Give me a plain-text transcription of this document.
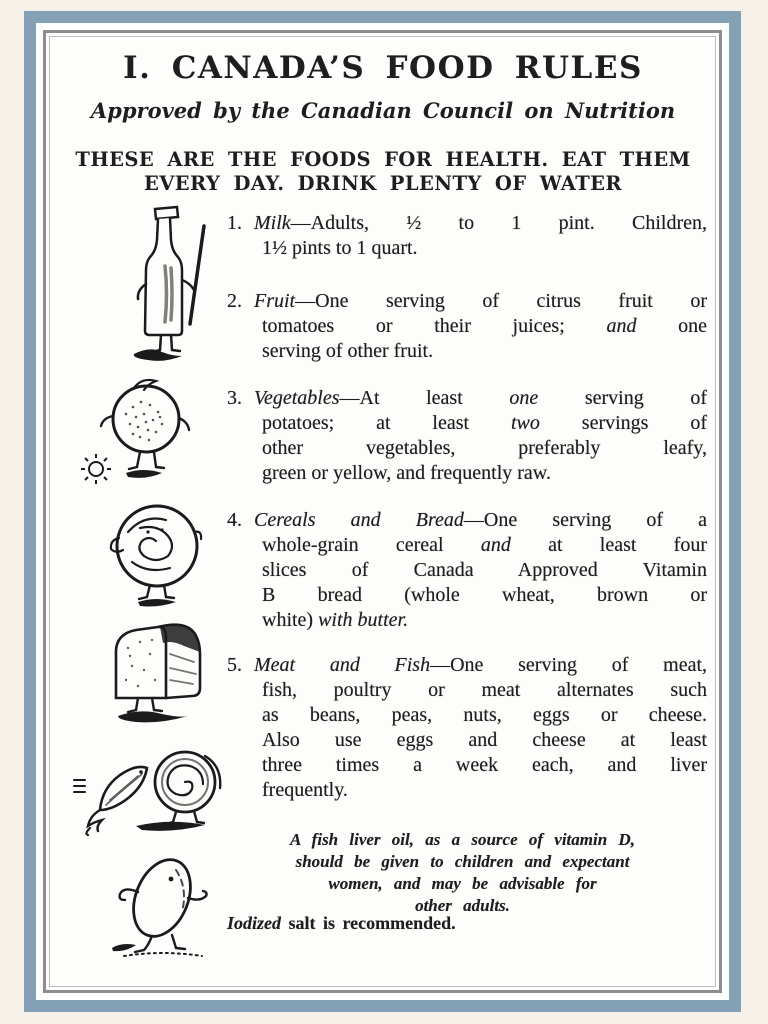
I. CANADA’S FOOD RULES
Approved by the Canadian Council on Nutrition
THESE ARE THE FOODS FOR HEALTH. EAT THEM
EVERY DAY. DRINK PLENTY OF WATER
1. Milk—Adults, ½ to 1 pint. Children,
1½ pints to 1 quart.
2. Fruit—One serving of citrus fruit or
tomatoes or their juices; and one
serving of other fruit.
3. Vegetables—At least one serving of
potatoes; at least two servings of
other vegetables, preferably leafy,
green or yellow, and frequently raw.
4. Cereals and Bread—One serving of a
whole-grain cereal and at least four
slices of Canada Approved Vitamin
B bread (whole wheat, brown or
white) with butter.
5. Meat and Fish—One serving of meat,
fish, poultry or meat alternates such
as beans, peas, nuts, eggs or cheese.
Also use eggs and cheese at least
three times a week each, and liver
frequently.
A fish liver oil, as a source of vitamin D,
should be given to children and expectant
women, and may be advisable for
other adults.
Iodized salt is recommended.
